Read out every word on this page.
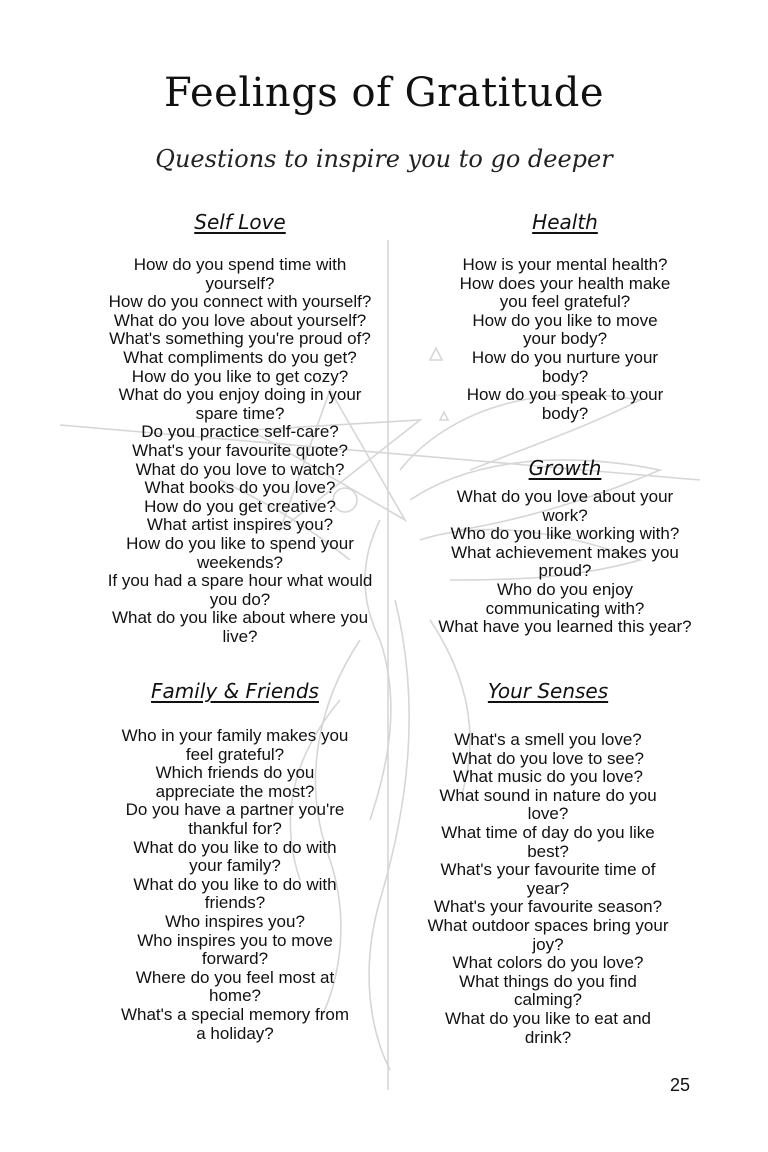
Feelings of Gratitude
Questions to inspire you to go deeper
Self Love
How do you spend time with
yourself?
How do you connect with yourself?
What do you love about yourself?
What's something you're proud of?
What compliments do you get?
How do you like to get cozy?
What do you enjoy doing in your
spare time?
Do you practice self-care?
What's your favourite quote?
What do you love to watch?
What books do you love?
How do you get creative?
What artist inspires you?
How do you like to spend your
weekends?
If you had a spare hour what would
you do?
What do you like about where you
live?
Health
How is your mental health?
How does your health make
you feel grateful?
How do you like to move
your body?
How do you nurture your
body?
How do you speak to your
body?
Growth
What do you love about your
work?
Who do you like working with?
What achievement makes you
proud?
Who do you enjoy
communicating with?
What have you learned this year?
Family & Friends
Who in your family makes you
feel grateful?
Which friends do you
appreciate the most?
Do you have a partner you're
thankful for?
What do you like to do with
your family?
What do you like to do with
friends?
Who inspires you?
Who inspires you to move
forward?
Where do you feel most at
home?
What's a special memory from
a holiday?
Your Senses
What's a smell you love?
What do you love to see?
What music do you love?
What sound in nature do you
love?
What time of day do you like
best?
What's your favourite time of
year?
What's your favourite season?
What outdoor spaces bring your
joy?
What colors do you love?
What things do you find
calming?
What do you like to eat and
drink?
25
